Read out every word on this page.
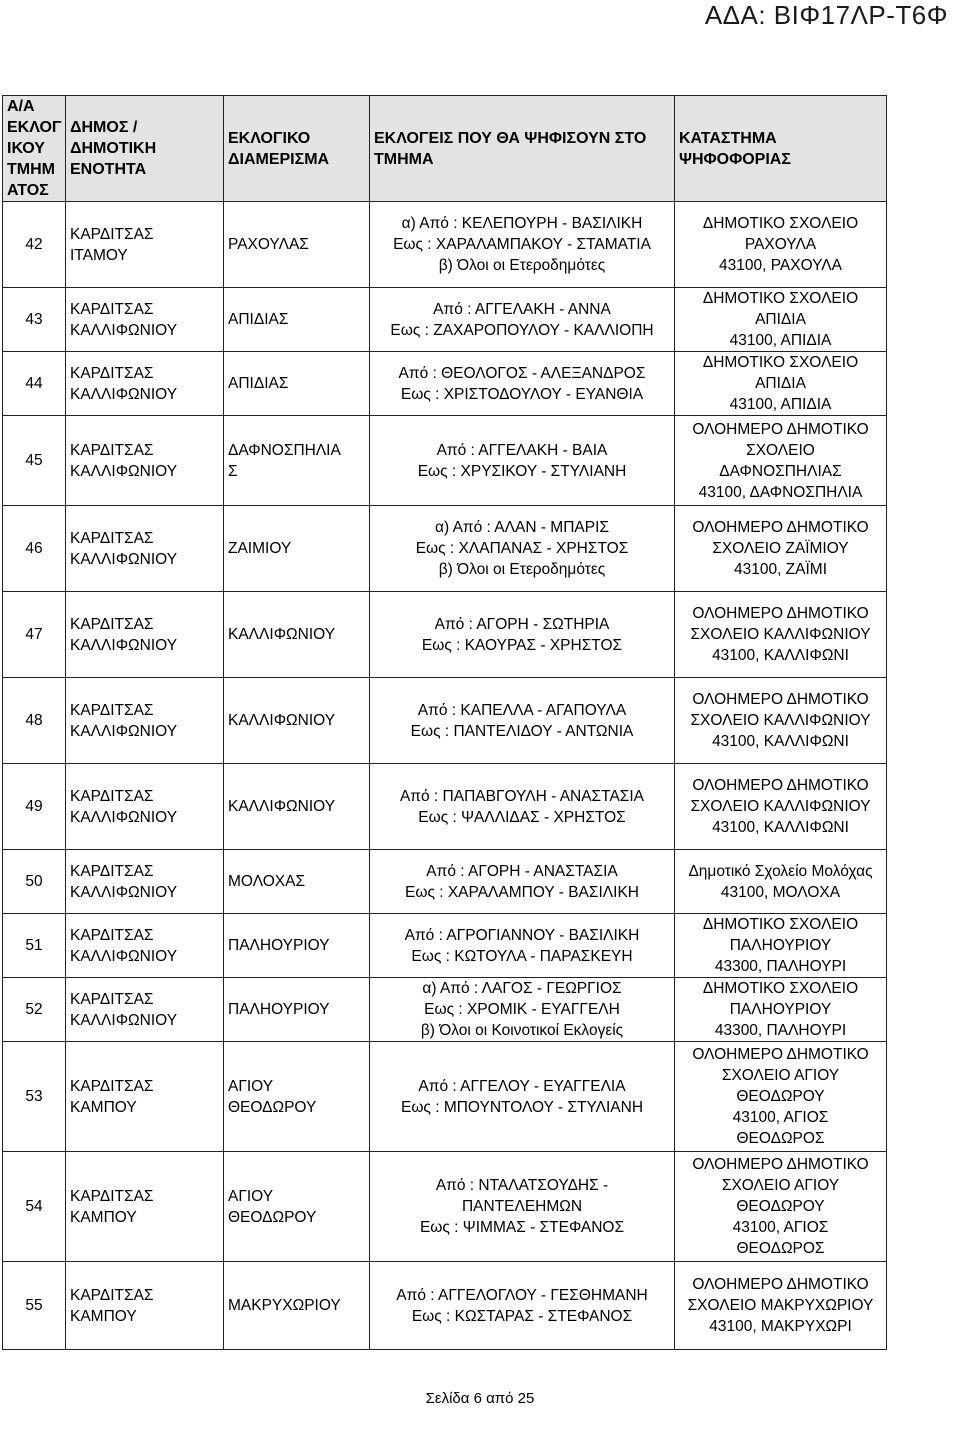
ΑΔΑ: ΒΙΦ17ΛΡ-Τ6Φ
Α/Α
ΕΚΛΟΓ
ΙΚΟΥ
ΤΜΗΜ
ΑΤΟΣ	ΔΗΜΟΣ /
ΔΗΜΟΤΙΚΗ
ΕΝΟΤΗΤΑ	ΕΚΛΟΓΙΚΟ
ΔΙΑΜΕΡΙΣΜΑ	ΕΚΛΟΓΕΙΣ ΠΟΥ ΘΑ ΨΗΦΙΣΟΥΝ ΣΤΟ
ΤΜΗΜΑ	ΚΑΤΑΣΤΗΜΑ
ΨΗΦΟΦΟΡΙΑΣ
42	ΚΑΡΔΙΤΣΑΣ
ΙΤΑΜΟΥ	ΡΑΧΟΥΛΑΣ	α) Από : ΚΕΛΕΠΟΥΡΗ - ΒΑΣΙΛΙΚΗ
Εως : ΧΑΡΑΛΑΜΠΑΚΟΥ - ΣΤΑΜΑΤΙΑ
β) Όλοι οι Ετεροδημότες	ΔΗΜΟΤΙΚΟ ΣΧΟΛΕΙΟ
ΡΑΧΟΥΛΑ
43100, ΡΑΧΟΥΛΑ
43	ΚΑΡΔΙΤΣΑΣ
ΚΑΛΛΙΦΩΝΙΟΥ	ΑΠΙΔΙΑΣ	Από : ΑΓΓΕΛΑΚΗ - ΑΝΝΑ
Εως : ΖΑΧΑΡΟΠΟΥΛΟΥ - ΚΑΛΛΙΟΠΗ	ΔΗΜΟΤΙΚΟ ΣΧΟΛΕΙΟ
ΑΠΙΔΙΑ
43100, ΑΠΙΔΙΑ
44	ΚΑΡΔΙΤΣΑΣ
ΚΑΛΛΙΦΩΝΙΟΥ	ΑΠΙΔΙΑΣ	Από : ΘΕΟΛΟΓΟΣ - ΑΛΕΞΑΝΔΡΟΣ
Εως : ΧΡΙΣΤΟΔΟΥΛΟΥ - ΕΥΑΝΘΙΑ	ΔΗΜΟΤΙΚΟ ΣΧΟΛΕΙΟ
ΑΠΙΔΙΑ
43100, ΑΠΙΔΙΑ
45	ΚΑΡΔΙΤΣΑΣ
ΚΑΛΛΙΦΩΝΙΟΥ	ΔΑΦΝΟΣΠΗΛΙΑ
Σ	Από : ΑΓΓΕΛΑΚΗ - ΒΑΙΑ
Εως : ΧΡΥΣΙΚΟΥ - ΣΤΥΛΙΑΝΗ	ΟΛΟΗΜΕΡΟ ΔΗΜΟΤΙΚΟ
ΣΧΟΛΕΙΟ
ΔΑΦΝΟΣΠΗΛΙΑΣ
43100, ΔΑΦΝΟΣΠΗΛΙΑ
46	ΚΑΡΔΙΤΣΑΣ
ΚΑΛΛΙΦΩΝΙΟΥ	ΖΑΙΜΙΟΥ	α) Από : ΑΛΑΝ - ΜΠΑΡΙΣ
Εως : ΧΛΑΠΑΝΑΣ - ΧΡΗΣΤΟΣ
β) Όλοι οι Ετεροδημότες	ΟΛΟΗΜΕΡΟ ΔΗΜΟΤΙΚΟ
ΣΧΟΛΕΙΟ ΖΑΪΜΙΟΥ
43100, ΖΑΪΜΙ
47	ΚΑΡΔΙΤΣΑΣ
ΚΑΛΛΙΦΩΝΙΟΥ	ΚΑΛΛΙΦΩΝΙΟΥ	Από : ΑΓΟΡΗ - ΣΩΤΗΡΙΑ
Εως : ΚΑΟΥΡΑΣ - ΧΡΗΣΤΟΣ	ΟΛΟΗΜΕΡΟ ΔΗΜΟΤΙΚΟ
ΣΧΟΛΕΙΟ ΚΑΛΛΙΦΩΝΙΟΥ
43100, ΚΑΛΛΙΦΩΝΙ
48	ΚΑΡΔΙΤΣΑΣ
ΚΑΛΛΙΦΩΝΙΟΥ	ΚΑΛΛΙΦΩΝΙΟΥ	Από : ΚΑΠΕΛΛΑ - ΑΓΑΠΟΥΛΑ
Εως : ΠΑΝΤΕΛΙΔΟΥ - ΑΝΤΩΝΙΑ	ΟΛΟΗΜΕΡΟ ΔΗΜΟΤΙΚΟ
ΣΧΟΛΕΙΟ ΚΑΛΛΙΦΩΝΙΟΥ
43100, ΚΑΛΛΙΦΩΝΙ
49	ΚΑΡΔΙΤΣΑΣ
ΚΑΛΛΙΦΩΝΙΟΥ	ΚΑΛΛΙΦΩΝΙΟΥ	Από : ΠΑΠΑΒΓΟΥΛΗ - ΑΝΑΣΤΑΣΙΑ
Εως : ΨΑΛΛΙΔΑΣ - ΧΡΗΣΤΟΣ	ΟΛΟΗΜΕΡΟ ΔΗΜΟΤΙΚΟ
ΣΧΟΛΕΙΟ ΚΑΛΛΙΦΩΝΙΟΥ
43100, ΚΑΛΛΙΦΩΝΙ
50	ΚΑΡΔΙΤΣΑΣ
ΚΑΛΛΙΦΩΝΙΟΥ	ΜΟΛΟΧΑΣ	Από : ΑΓΟΡΗ - ΑΝΑΣΤΑΣΙΑ
Εως : ΧΑΡΑΛΑΜΠΟΥ - ΒΑΣΙΛΙΚΗ	Δημοτικό Σχολείο Μολόχας
43100, ΜΟΛΟΧΑ
51	ΚΑΡΔΙΤΣΑΣ
ΚΑΛΛΙΦΩΝΙΟΥ	ΠΑΛΗΟΥΡΙΟΥ	Από : ΑΓΡΟΓΙΑΝΝΟΥ - ΒΑΣΙΛΙΚΗ
Εως : ΚΩΤΟΥΛΑ - ΠΑΡΑΣΚΕΥΗ	ΔΗΜΟΤΙΚΟ ΣΧΟΛΕΙΟ
ΠΑΛΗΟΥΡΙΟΥ
43300, ΠΑΛΗΟΥΡΙ
52	ΚΑΡΔΙΤΣΑΣ
ΚΑΛΛΙΦΩΝΙΟΥ	ΠΑΛΗΟΥΡΙΟΥ	α) Από : ΛΑΓΟΣ - ΓΕΩΡΓΙΟΣ
Εως : ΧΡΟΜΙΚ - ΕΥΑΓΓΕΛΗ
β) Όλοι οι Κοινοτικοί Εκλογείς	ΔΗΜΟΤΙΚΟ ΣΧΟΛΕΙΟ
ΠΑΛΗΟΥΡΙΟΥ
43300, ΠΑΛΗΟΥΡΙ
53	ΚΑΡΔΙΤΣΑΣ
ΚΑΜΠΟΥ	ΑΓΙΟΥ
ΘΕΟΔΩΡΟΥ	Από : ΑΓΓΕΛΟΥ - ΕΥΑΓΓΕΛΙΑ
Εως : ΜΠΟΥΝΤΟΛΟΥ - ΣΤΥΛΙΑΝΗ	ΟΛΟΗΜΕΡΟ ΔΗΜΟΤΙΚΟ
ΣΧΟΛΕΙΟ ΑΓΙΟΥ
ΘΕΟΔΩΡΟΥ
43100, ΑΓΙΟΣ
ΘΕΟΔΩΡΟΣ
54	ΚΑΡΔΙΤΣΑΣ
ΚΑΜΠΟΥ	ΑΓΙΟΥ
ΘΕΟΔΩΡΟΥ	Από : ΝΤΑΛΑΤΣΟΥΔΗΣ -
ΠΑΝΤΕΛΕΗΜΩΝ
Εως : ΨΙΜΜΑΣ - ΣΤΕΦΑΝΟΣ	ΟΛΟΗΜΕΡΟ ΔΗΜΟΤΙΚΟ
ΣΧΟΛΕΙΟ ΑΓΙΟΥ
ΘΕΟΔΩΡΟΥ
43100, ΑΓΙΟΣ
ΘΕΟΔΩΡΟΣ
55	ΚΑΡΔΙΤΣΑΣ
ΚΑΜΠΟΥ	ΜΑΚΡΥΧΩΡΙΟΥ	Από : ΑΓΓΕΛΟΓΛΟΥ - ΓΕΣΘΗΜΑΝΗ
Εως : ΚΩΣΤΑΡΑΣ - ΣΤΕΦΑΝΟΣ	ΟΛΟΗΜΕΡΟ ΔΗΜΟΤΙΚΟ
ΣΧΟΛΕΙΟ ΜΑΚΡΥΧΩΡΙΟΥ
43100, ΜΑΚΡΥΧΩΡΙ
Σελίδα 6 από 25
